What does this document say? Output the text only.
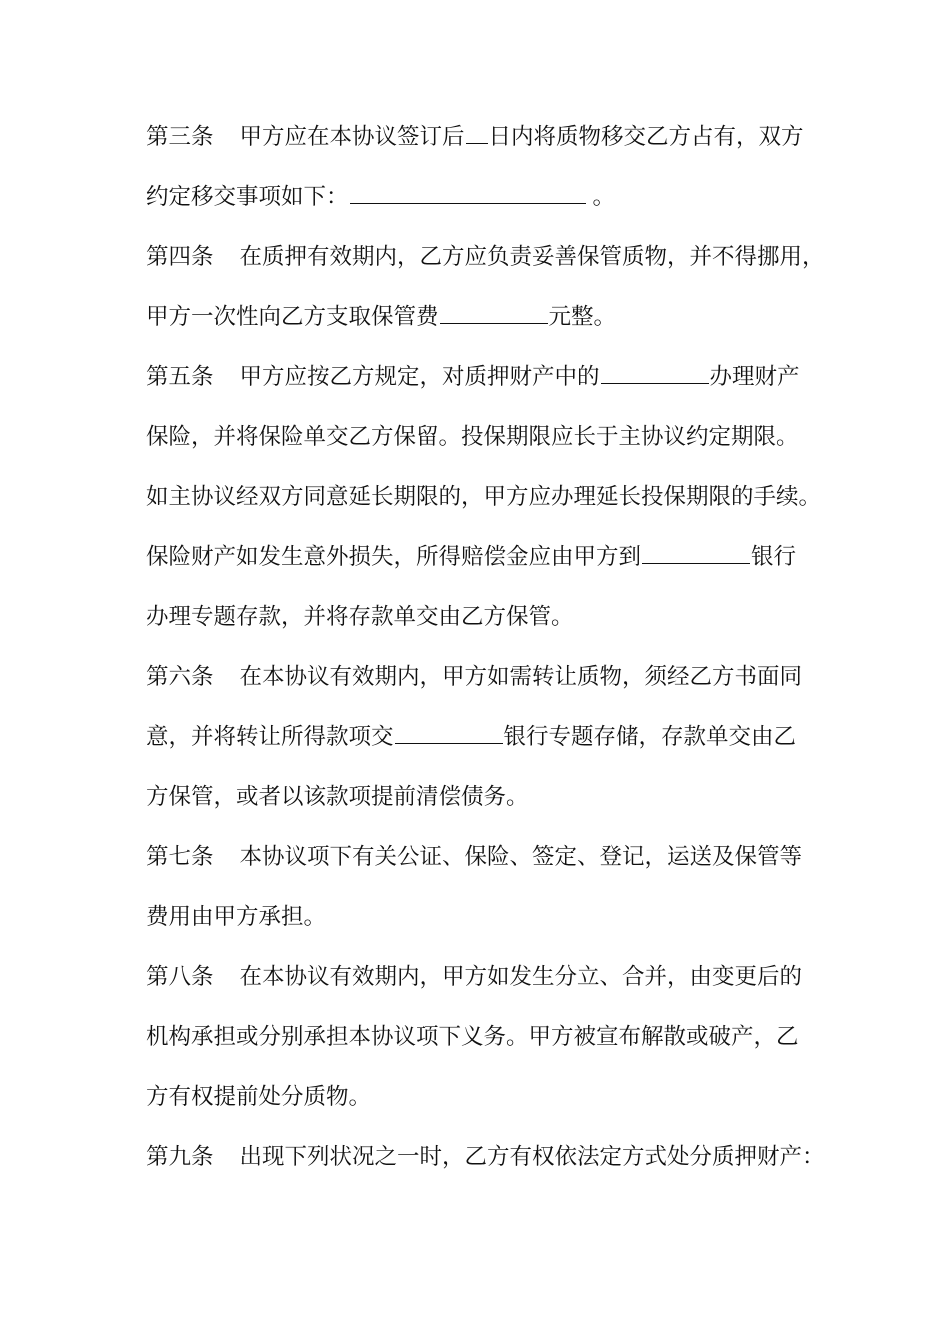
第三条 甲方应在本协议签订后 日内将质物移交乙方占有，双方
约定移交事项如下：	。
第四条 在质押有效期内，乙方应负责妥善保管质物，并不得挪用，
甲方一次性向乙方支取保管费	元整。
第五条 甲方应按乙方规定，对质押财产中的	办理财产
保险，并将保险单交乙方保留。投保期限应长于主协议约定期限。
如主协议经双方同意延长期限的，甲方应办理延长投保期限的手续。
保险财产如发生意外损失，所得赔偿金应由甲方到	银行
办理专题存款，并将存款单交由乙方保管。
第六条 在本协议有效期内，甲方如需转让质物，须经乙方书面同
意，并将转让所得款项交	银行专题存储，存款单交由乙
方保管，或者以该款项提前清偿债务。
第七条 本协议项下有关公证、保险、签定、登记，运送及保管等
费用由甲方承担。
第八条 在本协议有效期内，甲方如发生分立、合并，由变更后的
机构承担或分别承担本协议项下义务。甲方被宣布解散或破产，乙
方有权提前处分质物。
第九条 出现下列状况之一时，乙方有权依法定方式处分质押财产：
